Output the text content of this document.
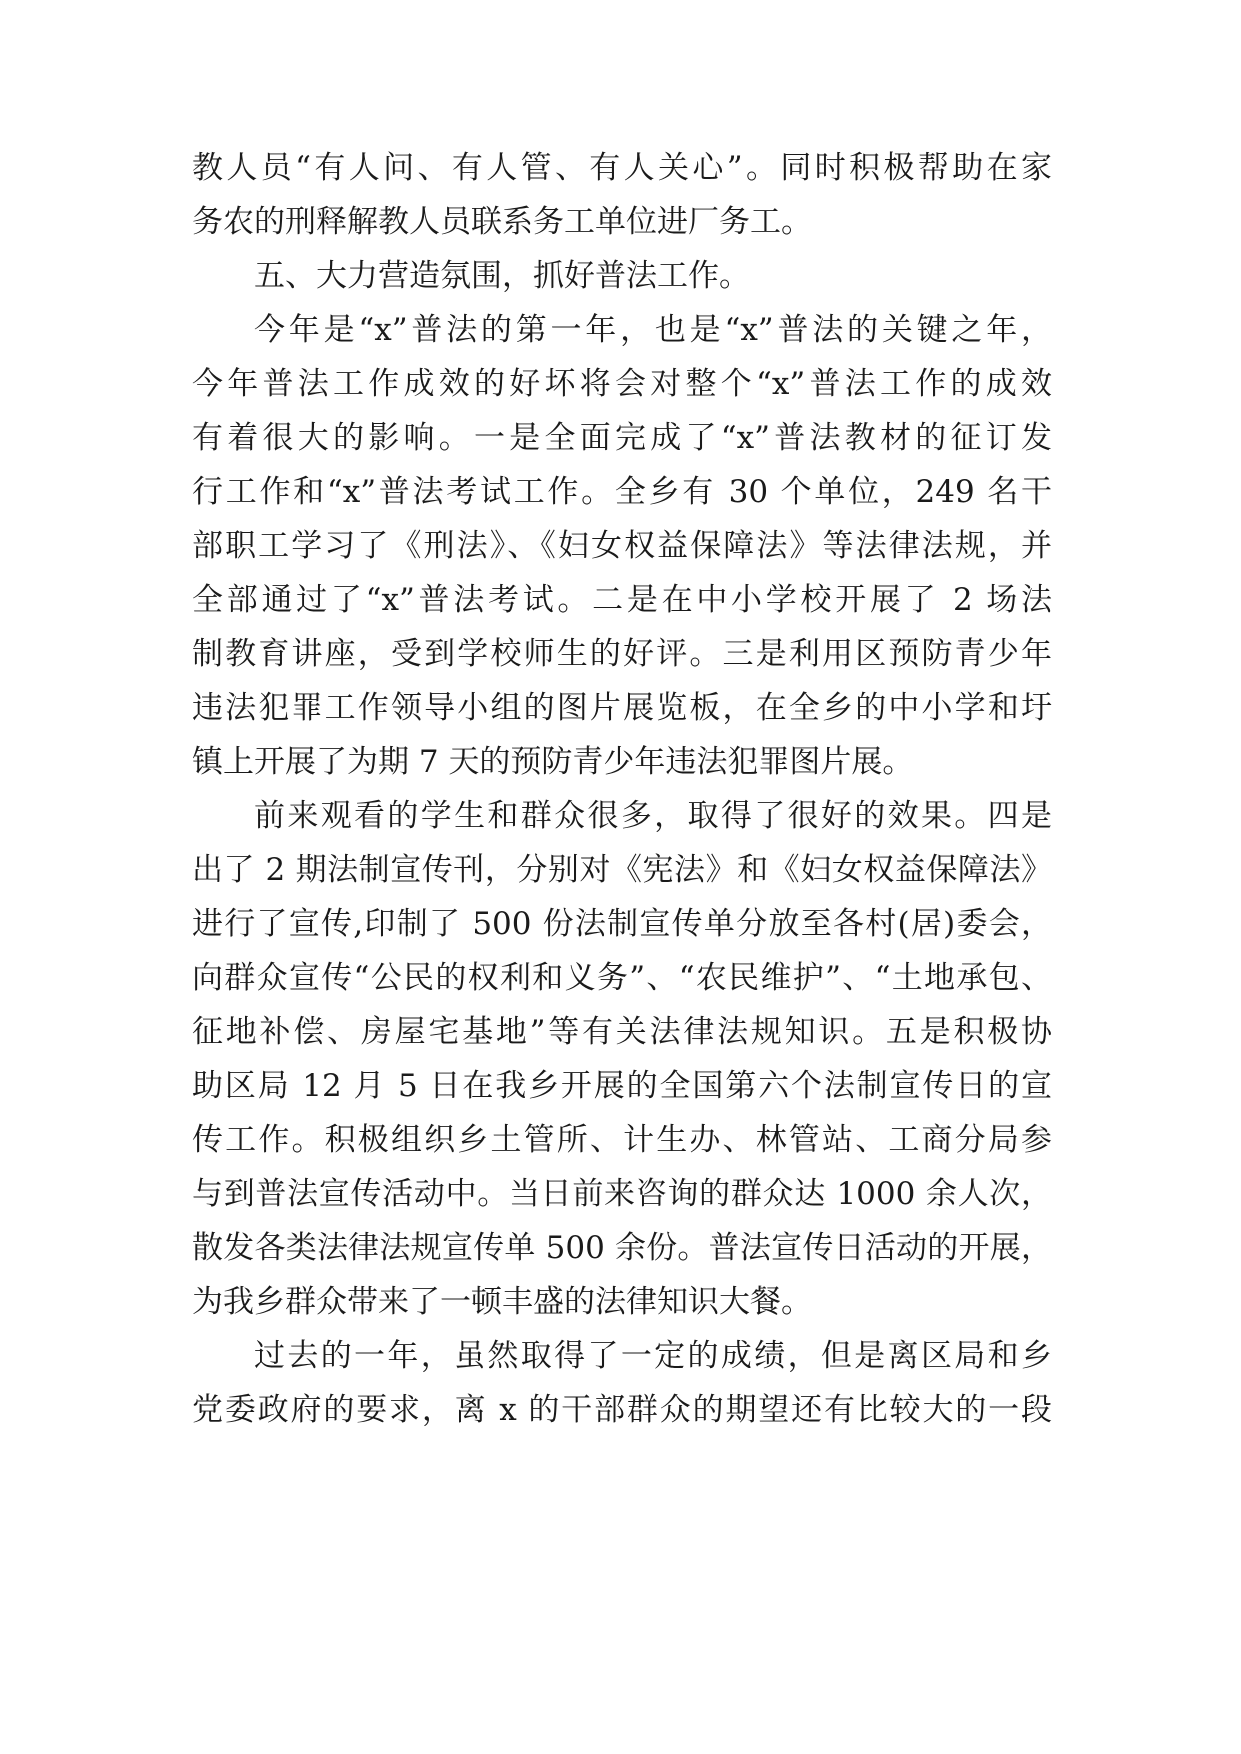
教人员“有人问、有人管、有人关心”。同时积极帮助在家
务农的刑释解教人员联系务工单位进厂务工。
五、大力营造氛围，抓好普法工作。
今年是“x”普法的第一年，也是“x”普法的关键之年，
今年普法工作成效的好坏将会对整个“x”普法工作的成效
有着很大的影响。一是全面完成了“x”普法教材的征订发
行工作和“x”普法考试工作。全乡有 30 个单位，249 名干
部职工学习了《刑法》、《妇女权益保障法》等法律法规，并
全部通过了“x”普法考试。二是在中小学校开展了 2 场法
制教育讲座，受到学校师生的好评。三是利用区预防青少年
违法犯罪工作领导小组的图片展览板，在全乡的中小学和圩
镇上开展了为期 7 天的预防青少年违法犯罪图片展。
前来观看的学生和群众很多，取得了很好的效果。四是
出了 2 期法制宣传刊，分别对《宪法》和《妇女权益保障法》
进行了宣传,印制了 500 份法制宣传单分放至各村(居)委会，
向群众宣传“公民的权利和义务”、“农民维护”、“土地承包、
征地补偿、房屋宅基地”等有关法律法规知识。五是积极协
助区局 12 月 5 日在我乡开展的全国第六个法制宣传日的宣
传工作。积极组织乡土管所、计生办、林管站、工商分局参
与到普法宣传活动中。当日前来咨询的群众达 1000 余人次，
散发各类法律法规宣传单 500 余份。普法宣传日活动的开展，
为我乡群众带来了一顿丰盛的法律知识大餐。
过去的一年，虽然取得了一定的成绩，但是离区局和乡
党委政府的要求，离 x 的干部群众的期望还有比较大的一段
